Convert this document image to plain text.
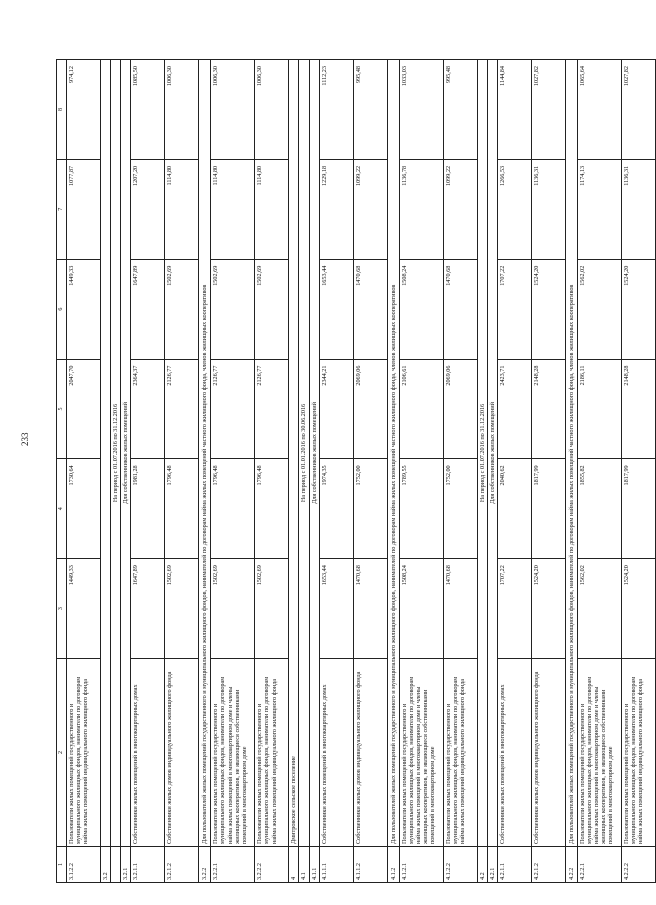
233
1	2	3	4	5	6	7	8
3.1.2.2	Пользователи жилых помещений государственного и муниципального жилищных фондов, наниматели по договорам найма жилых помещений индивидуального жилищного фонда	1449,33	1730,64	2047,70	1449,33	1077,87	974,12
3.2							
	На период с 01.07.2016 по 31.12.2016						
3.2.1	Для собственников жилых помещений						
3.2.1.1	Собственники жилых помещений в многоквартирных домах	1647,89	1981,28	2364,37	1647,89	1207,20	1085,50
3.2.1.2	Собственники жилых домов индивидуального жилищного фонда	1502,69	1796,48	2126,77	1502,69	1114,80	1006,30
3.2.2	Для пользователей жилых помещений государственного и муниципального жилищного фондов, нанимателей по договорам найма жилых помещений частного жилищного фонда, членов жилищных кооперативов						
3.2.2.1	Пользователи жилых помещений государственного и муниципального жилищных фондов, наниматели по договорам найма жилых помещений в многоквартирном доме и члены жилищных кооперативов, не являющиеся собственниками помещений в многоквартирном доме	1502,69	1796,48	2126,77	1502,69	1114,80	1006,30
3.2.2.2	Пользователи жилых помещений государственного и муниципального жилищных фондов, наниматели по договорам найма жилых помещений индивидуального жилищного фонда	1502,69	1796,48	2126,77	1502,69	1114,80	1006,30
4	Дмитровское сельское поселение						
4.1	На период с 01.01.2016 по 30.06.2016						
4.1.1	Для собственников жилых помещений						
4.1.1.1	Собственники жилых помещений в многоквартирных домах	1653,44	1974,35	2344,21	1653,44	1229,18	1112,23
4.1.1.2	Собственники жилых домов индивидуального жилищного фонда	1470,68	1752,00	2069,06	1470,68	1099,22	995,48
4.1.2	Для пользователей жилых помещений государственного и муниципального жилищного фондов, нанимателей по договорам найма жилых помещений частного жилищного фонда, членов жилищных кооперативов						
4.1.2.1	Пользователи жилых помещений государственного и муниципального жилищных фондов, наниматели по договорам найма жилых помещений в многоквартирном доме и члены жилищных кооперативов, не являющиеся собственниками помещений в многоквартирном доме	1508,24	1789,55	2106,61	1508,24	1136,78	1033,03
4.1.2.2	Пользователи жилых помещений государственного и муниципального жилищных фондов, наниматели по договорам найма жилых помещений индивидуального жилищного фонда	1470,68	1752,00	2069,06	1470,68	1099,22	995,48
4.2	На период с 01.07.2016 по 31.12.2016						
4.2.1	Для собственников жилых помещений						
4.2.1.1	Собственники жилых помещений в многоквартирных домах	1707,22	2040,62	2423,71	1707,22	1266,53	1144,84
4.2.1.2	Собственники жилых домов индивидуального жилищного фонда	1524,20	1817,99	2148,28	1524,20	1136,31	1027,82
4.2.2	Для пользователей жилых помещений государственного и муниципального жилищного фондов, нанимателей по договорам найма жилых помещений частного жилищного фонда, членов жилищных кооперативов						
4.2.2.1	Пользователи жилых помещений государственного и муниципального жилищных фондов, наниматели по договорам найма жилых помещений в многоквартирном доме и члены жилищных кооперативов, не являющиеся собственниками помещений в многоквартирном доме	1562,02	1855,82	2186,11	1562,02	1174,13	1065,64
4.2.2.2	Пользователи жилых помещений государственного и муниципального жилищных фондов, наниматели по договорам найма жилых помещений индивидуального жилищного фонда	1524,20	1817,99	2148,28	1524,20	1136,31	1027,82
